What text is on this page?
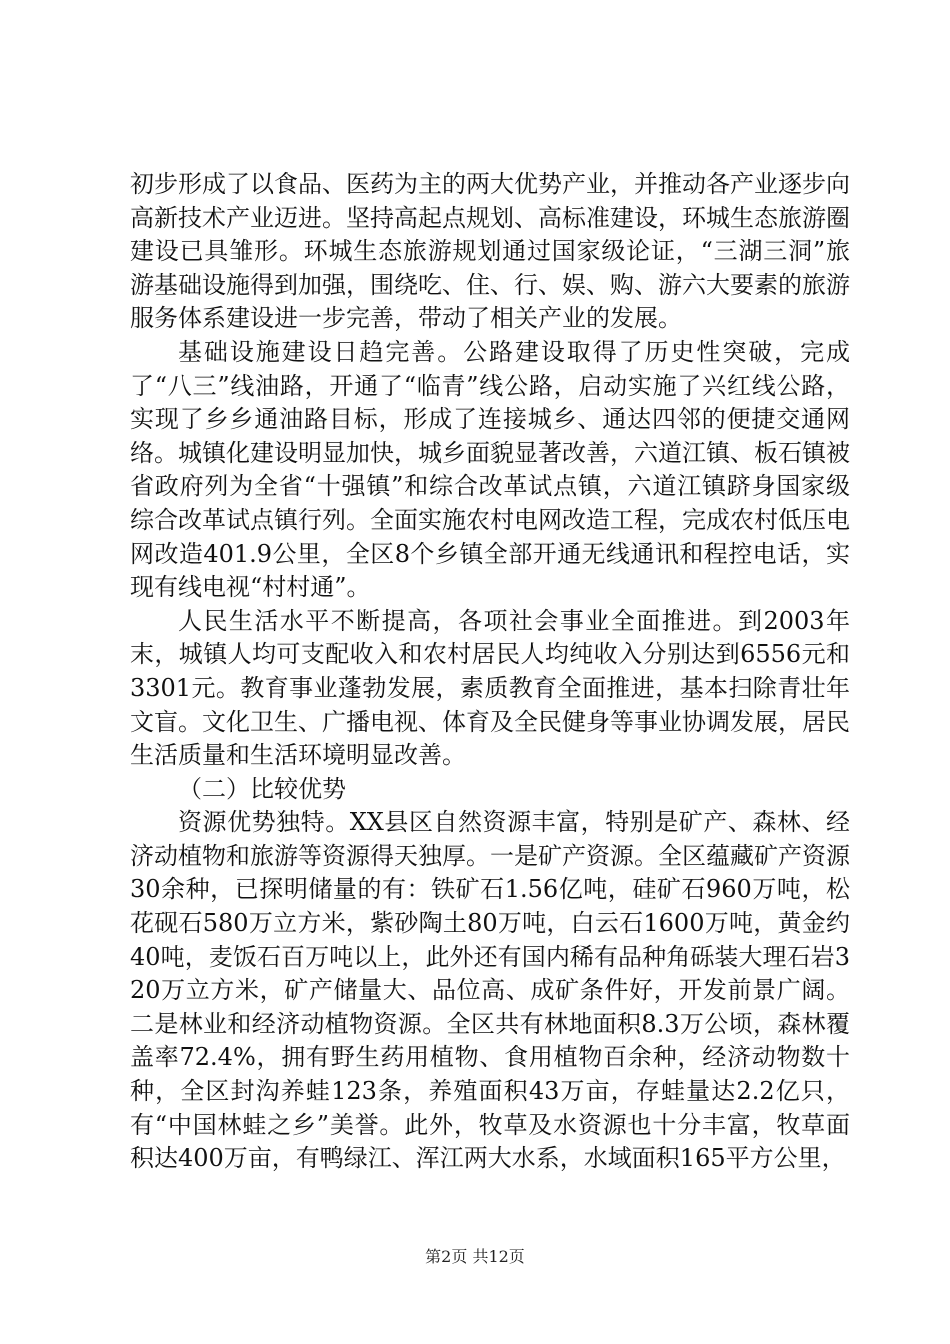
初步形成了以食品、医药为主的两大优势产业，并推动各产业逐步向高新技术产业迈进。坚持高起点规划、高标准建设，环城生态旅游圈建设已具雏形。环城生态旅游规划通过国家级论证，“三湖三洞”旅游基础设施得到加强，围绕吃、住、行、娱、购、游六大要素的旅游服务体系建设进一步完善，带动了相关产业的发展。

基础设施建设日趋完善。公路建设取得了历史性突破，完成了“八三”线油路，开通了“临青”线公路，启动实施了兴红线公路，实现了乡乡通油路目标，形成了连接城乡、通达四邻的便捷交通网络。城镇化建设明显加快，城乡面貌显著改善，六道江镇、板石镇被省政府列为全省“十强镇”和综合改革试点镇，六道江镇跻身国家级综合改革试点镇行列。全面实施农村电网改造工程，完成农村低压电网改造401.9公里，全区8个乡镇全部开通无线通讯和程控电话，实现有线电视“村村通”。

人民生活水平不断提高，各项社会事业全面推进。到2003年末，城镇人均可支配收入和农村居民人均纯收入分别达到6556元和3301元。教育事业蓬勃发展，素质教育全面推进，基本扫除青壮年文盲。文化卫生、广播电视、体育及全民健身等事业协调发展，居民生活质量和生活环境明显改善。

（二）比较优势

资源优势独特。XX县区自然资源丰富，特别是矿产、森林、经济动植物和旅游等资源得天独厚。一是矿产资源。全区蕴藏矿产资源30余种，已探明储量的有：铁矿石1.56亿吨，硅矿石960万吨，松花砚石580万立方米，紫砂陶土80万吨，白云石1600万吨，黄金约40吨，麦饭石百万吨以上，此外还有国内稀有品种角砾装大理石岩320万立方米，矿产储量大、品位高、成矿条件好，开发前景广阔。二是林业和经济动植物资源。全区共有林地面积8.3万公顷，森林覆盖率72.4%，拥有野生药用植物、食用植物百余种，经济动物数十种，全区封沟养蛙123条，养殖面积43万亩，存蛙量达2.2亿只，有“中国林蛙之乡”美誉。此外，牧草及水资源也十分丰富，牧草面积达400万亩，有鸭绿江、浑江两大水系，水域面积165平方公里，

第2页 共12页
